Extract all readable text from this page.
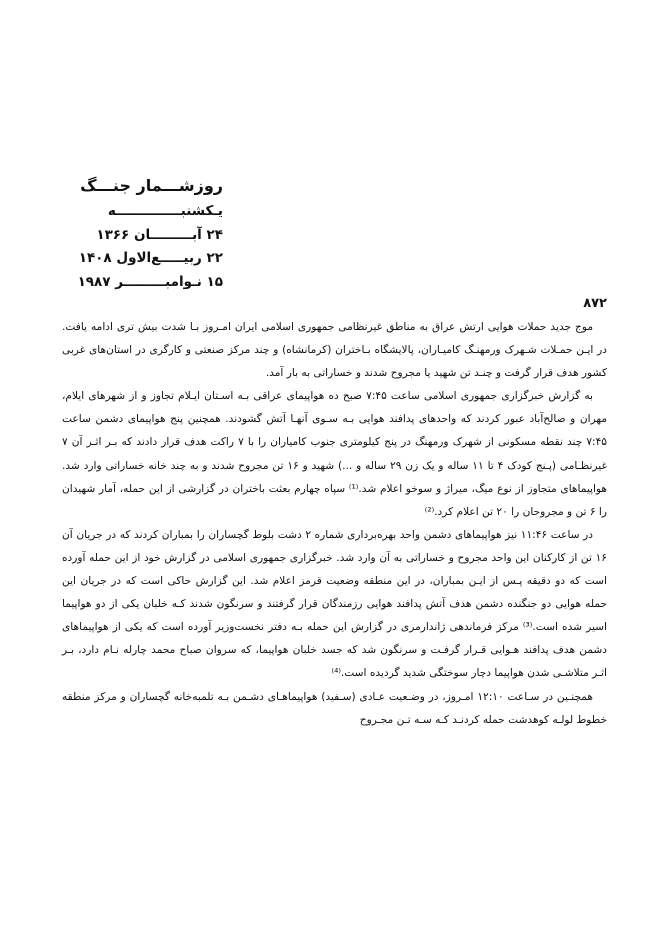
روزشـــمار جنـــگ
یـکشنبــــــــــــــه
۲۴ آبـــــــــان ۱۳۶۶
۲۲ ربیـــــع‌الاول ۱۴۰۸
۱۵ نـوامبـــــــــر ۱۹۸۷
۸۷۲

موج جدید حملات هوایی ارتش عراق به مناطق غیرنظامی جمهوری اسلامی ایران امـروز بـا شدت بیش تری ادامه یافت. در ایـن حمـلات شـهرک ورمهنـگ کامیـاران، پالایشگاه بـاختران (کرمانشاه) و چند مرکز صنعتی و کارگری در استان‌های غربی کشور هدف قرار گرفت و چنـد تن شهید یا مجروح شدند و خساراتی به بار آمد.

به گزارش خبرگزاری جمهوری اسلامی ساعت ۷:۴۵ صبح ده هواپیمای عراقی بـه اسـتان ایـلام تجاوز و از شهرهای ایلام، مهران و صالح‌آباد عبور کردند که واحدهای پدافند هوایی بـه سـوی آنهـا آتش گشودند. همچنین پنج هواپیمای دشمن ساعت ۷:۴۵ چند نقطه مسکونی از شهرک ورمهنگ در پنج کیلومتری جنوب کامیاران را با ۷ راکت هدف قرار دادند که بـر اثـر آن ۷ غیرنظـامی (پـنج کودک ۴ تا ۱۱ ساله و یک زن ۲۹ ساله و ...) شهید و ۱۶ تن مجروح شدند و به چند خانه خساراتی وارد شد. هواپیماهای متجاوز از نوع میگ، میراژ و سوخو اعلام شد.⁽¹⁾ سپاه چهارم بعثت باختران در گزارشی از این حمله، آمار شهیدان را ۶ تن و مجروحان را ۲۰ تن اعلام کرد.⁽²⁾

در ساعت ۱۱:۴۶ نیز هواپیماهای دشمن واحد بهره‌برداری شماره ۲ دشت بلوط گچساران را بمباران کردند که در جریان آن ۱۶ تن از کارکنان این واحد مجروح و خساراتی به آن وارد شد. خبرگزاری جمهوری اسلامی در گزارش خود از این حمله آورده است که دو دقیقه پـس از ایـن بمباران، در این منطقه وضعیت قرمز اعلام شد. این گزارش حاکی است که در جریان این حمله هوایی دو جنگنده دشمن هدف آتش پدافند هوایی رزمندگان قرار گرفتند و سرنگون شدند کـه خلبان یکی از دو هواپیما اسیر شده است.⁽³⁾ مرکز فرماندهی ژاندارمری در گزارش این حمله بـه دفتر نخست‌وزیر آورده است که یکی از هواپیماهای دشمن هدف پدافند هـوایی قـرار گرفـت و سرنگون شد که جسد خلبان هواپیما، که سروان صباح محمد چارله نـام دارد، بـر اثـر متلاشـی شدن هواپیما دچار سوختگی شدید گردیده است.⁽⁴⁾

همچنـین در سـاعت ۱۲:۱۰ امـروز، در وضـعیت عـادی (سـفید) هواپیماهـای دشـمن بـه تلمبه‌خانه گچساران و مرکز منطقه خطوط لولـه کوهدشت حمله کردنـد کـه سـه تـن مجـروح
